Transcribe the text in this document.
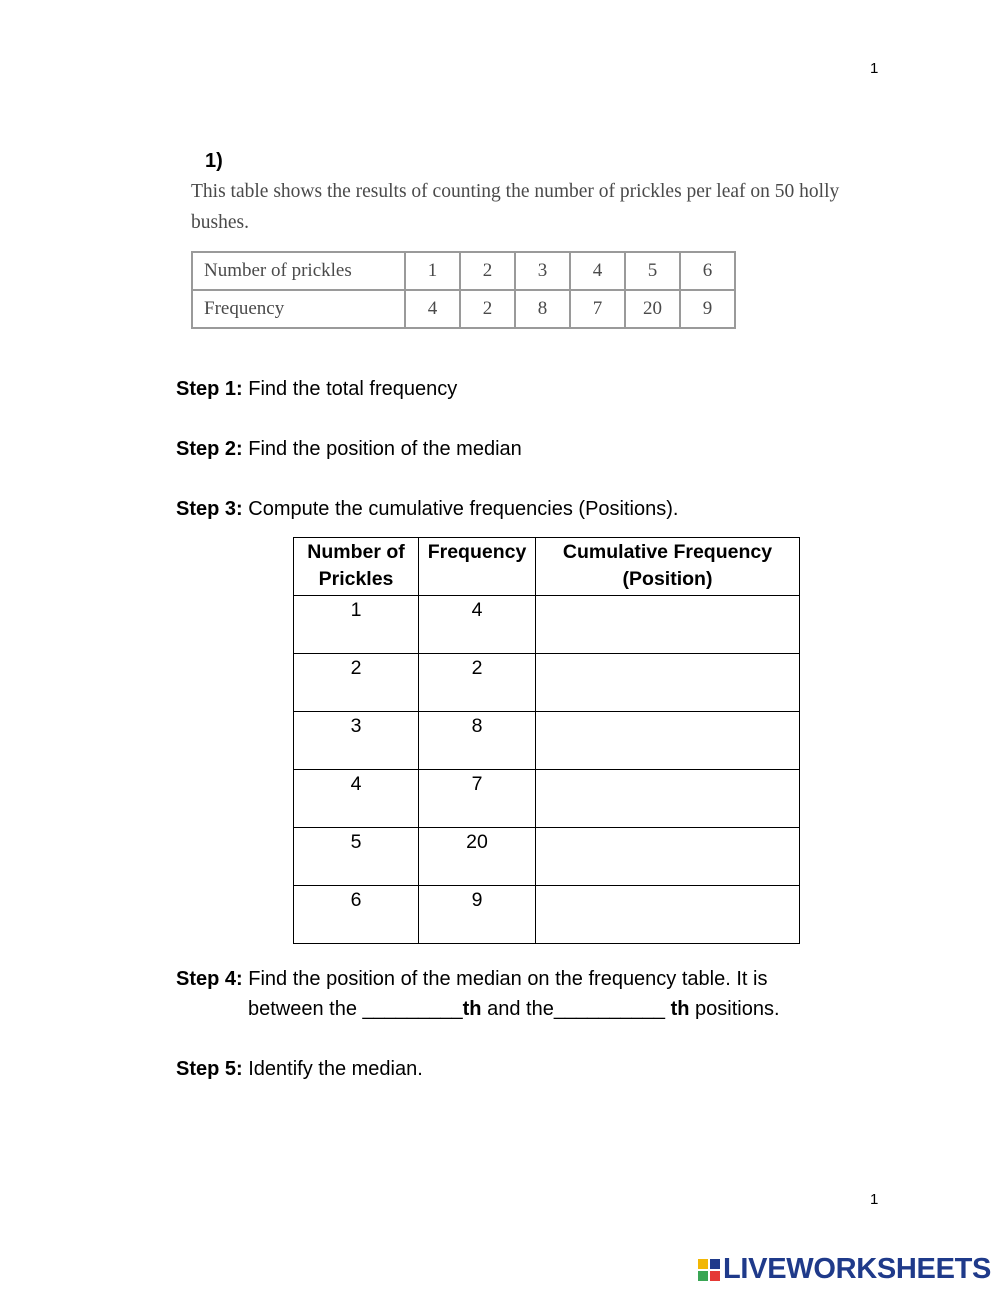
1
1)
This table shows the results of counting the number of prickles per leaf on 50 holly bushes.
Number of prickles	1	2	3	4	5	6
Frequency	4	2	8	7	20	9
Step 1: Find the total frequency
Step 2: Find the position of the median
Step 3: Compute the cumulative frequencies (Positions).
Number of Prickles	Frequency	Cumulative Frequency (Position)
1	4	
2	2	
3	8	
4	7	
5	20	
6	9	
Step 4: Find the position of the median on the frequency table. It is
between the _________th and the__________ th positions.
Step 5: Identify the median.
1
LIVEWORKSHEETS
